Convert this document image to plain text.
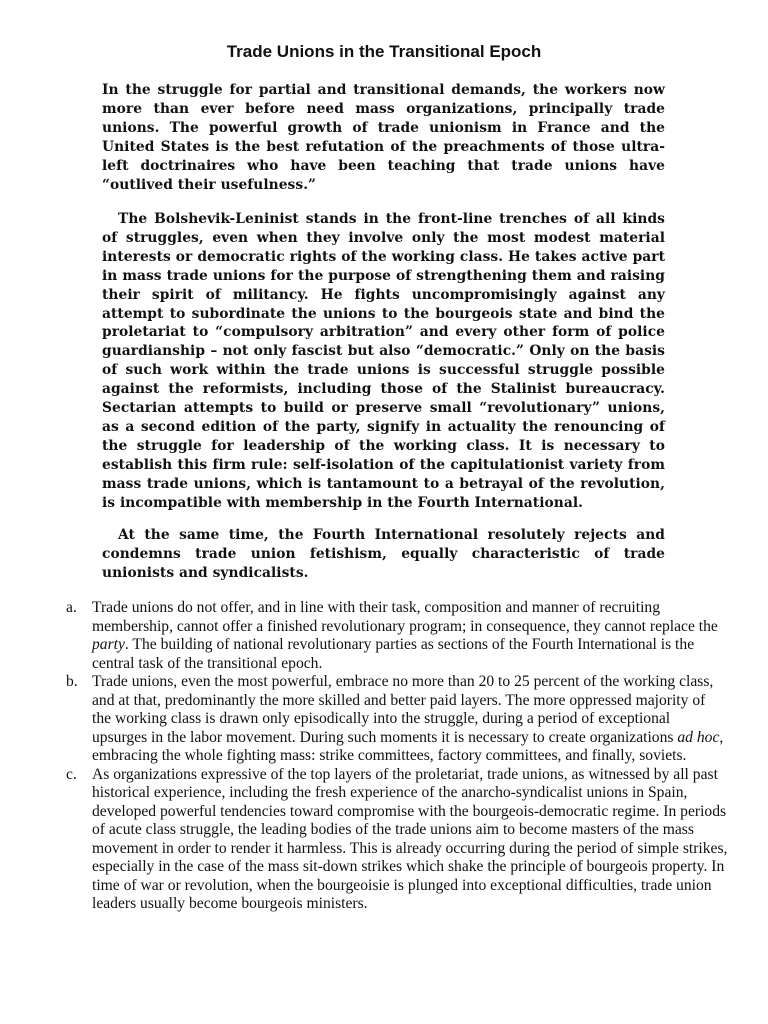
Trade Unions in the Transitional Epoch

In the struggle for partial and transitional demands, the workers now more than ever before need mass organizations, principally trade unions. The powerful growth of trade unionism in France and the United States is the best refutation of the preachments of those ultra-left doctrinaires who have been teaching that trade unions have “outlived their usefulness.”

The Bolshevik-Leninist stands in the front-line trenches of all kinds of struggles, even when they involve only the most modest material interests or democratic rights of the working class. He takes active part in mass trade unions for the purpose of strengthening them and raising their spirit of militancy. He fights uncompromisingly against any attempt to subordinate the unions to the bourgeois state and bind the proletariat to “compulsory arbitration” and every other form of police guardianship – not only fascist but also “democratic.” Only on the basis of such work within the trade unions is successful struggle possible against the reformists, including those of the Stalinist bureaucracy. Sectarian attempts to build or preserve small “revolutionary” unions, as a second edition of the party, signify in actuality the renouncing of the struggle for leadership of the working class. It is necessary to establish this firm rule: self-isolation of the capitulationist variety from mass trade unions, which is tantamount to a betrayal of the revolution, is incompatible with membership in the Fourth International.

At the same time, the Fourth International resolutely rejects and condemns trade union fetishism, equally characteristic of trade unionists and syndicalists.

a. Trade unions do not offer, and in line with their task, composition and manner of recruiting membership, cannot offer a finished revolutionary program; in consequence, they cannot replace the party. The building of national revolutionary parties as sections of the Fourth International is the central task of the transitional epoch.
b. Trade unions, even the most powerful, embrace no more than 20 to 25 percent of the working class, and at that, predominantly the more skilled and better paid layers. The more oppressed majority of the working class is drawn only episodically into the struggle, during a period of exceptional upsurges in the labor movement. During such moments it is necessary to create organizations ad hoc, embracing the whole fighting mass: strike committees, factory committees, and finally, soviets.
c. As organizations expressive of the top layers of the proletariat, trade unions, as witnessed by all past historical experience, including the fresh experience of the anarcho-syndicalist unions in Spain, developed powerful tendencies toward compromise with the bourgeois-democratic regime. In periods of acute class struggle, the leading bodies of the trade unions aim to become masters of the mass movement in order to render it harmless. This is already occurring during the period of simple strikes, especially in the case of the mass sit-down strikes which shake the principle of bourgeois property. In time of war or revolution, when the bourgeoisie is plunged into exceptional difficulties, trade union leaders usually become bourgeois ministers.
